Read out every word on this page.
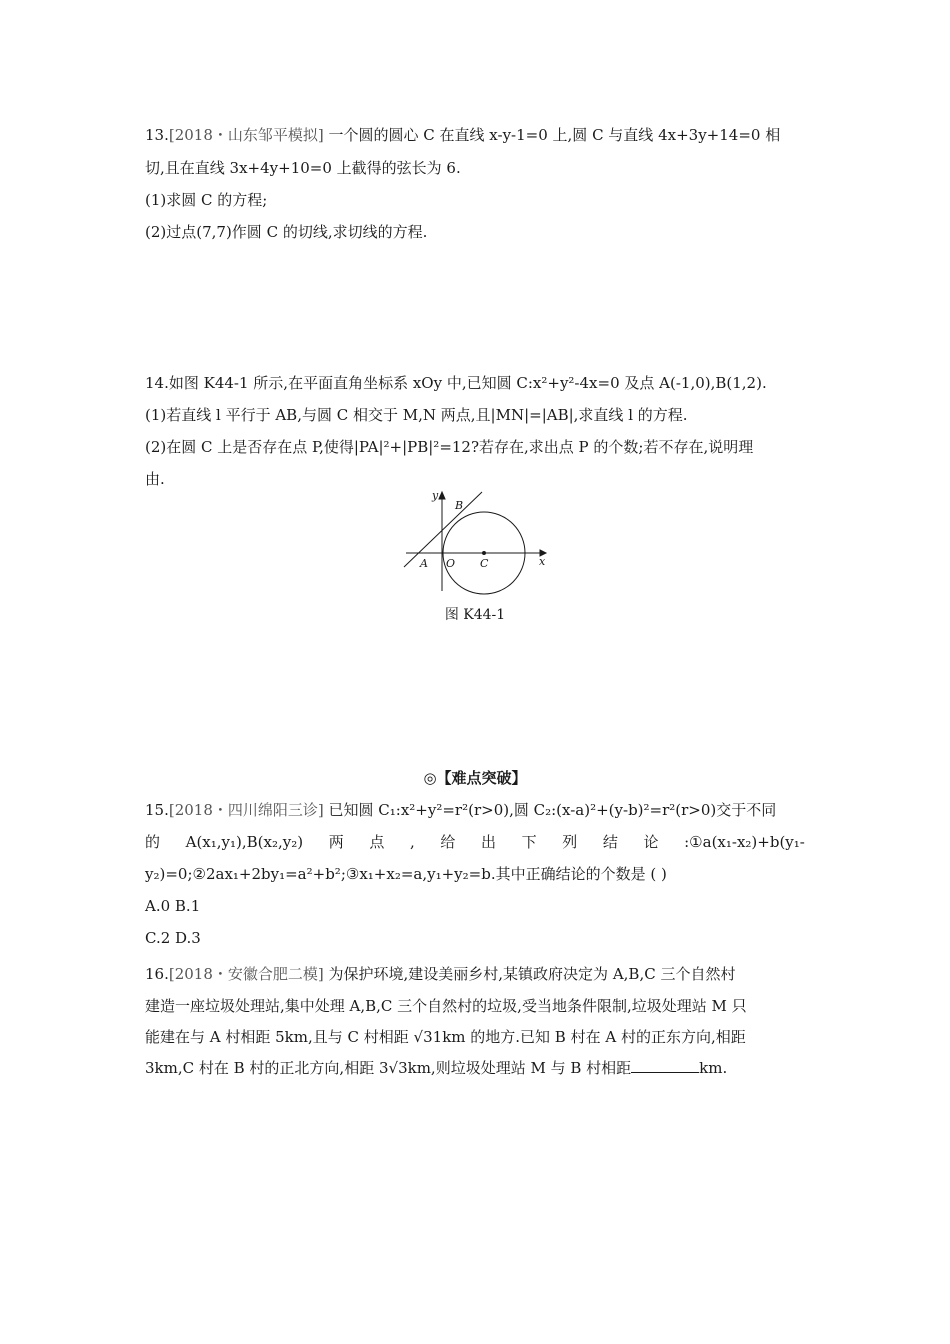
13.[2018・山东邹平模拟] 一个圆的圆心 C 在直线 x-y-1=0 上,圆 C 与直线 4x+3y+14=0 相
切,且在直线 3x+4y+10=0 上截得的弦长为 6.
(1)求圆 C 的方程;
(2)过点(7,7)作圆 C 的切线,求切线的方程.
14.如图 K44-1 所示,在平面直角坐标系 xOy 中,已知圆 C:x²+y²-4x=0 及点 A(-1,0),B(1,2).
(1)若直线 l 平行于 AB,与圆 C 相交于 M,N 两点,且|MN|=|AB|,求直线 l 的方程.
(2)在圆 C 上是否存在点 P,使得|PA|²+|PB|²=12?若存在,求出点 P 的个数;若不存在,说明理
由.
y
x
B
A O C
图 K44-1
◎【难点突破】
15.[2018・四川绵阳三诊] 已知圆 C₁:x²+y²=r²(r>0),圆 C₂:(x-a)²+(y-b)²=r²(r>0)交于不同
的 A(x₁,y₁),B(x₂,y₂) 两 点 , 给 出 下 列 结 论 :①a(x₁-x₂)+b(y₁-
y₂)=0;②2ax₁+2by₁=a²+b²;③x₁+x₂=a,y₁+y₂=b.其中正确结论的个数是 ( )
A.0 B.1
C.2 D.3
16.[2018・安徽合肥二模] 为保护环境,建设美丽乡村,某镇政府决定为 A,B,C 三个自然村
建造一座垃圾处理站,集中处理 A,B,C 三个自然村的垃圾,受当地条件限制,垃圾处理站 M 只
能建在与 A 村相距 5km,且与 C 村相距 √31km 的地方.已知 B 村在 A 村的正东方向,相距
3km,C 村在 B 村的正北方向,相距 3√3km,则垃圾处理站 M 与 B 村相距	km.
